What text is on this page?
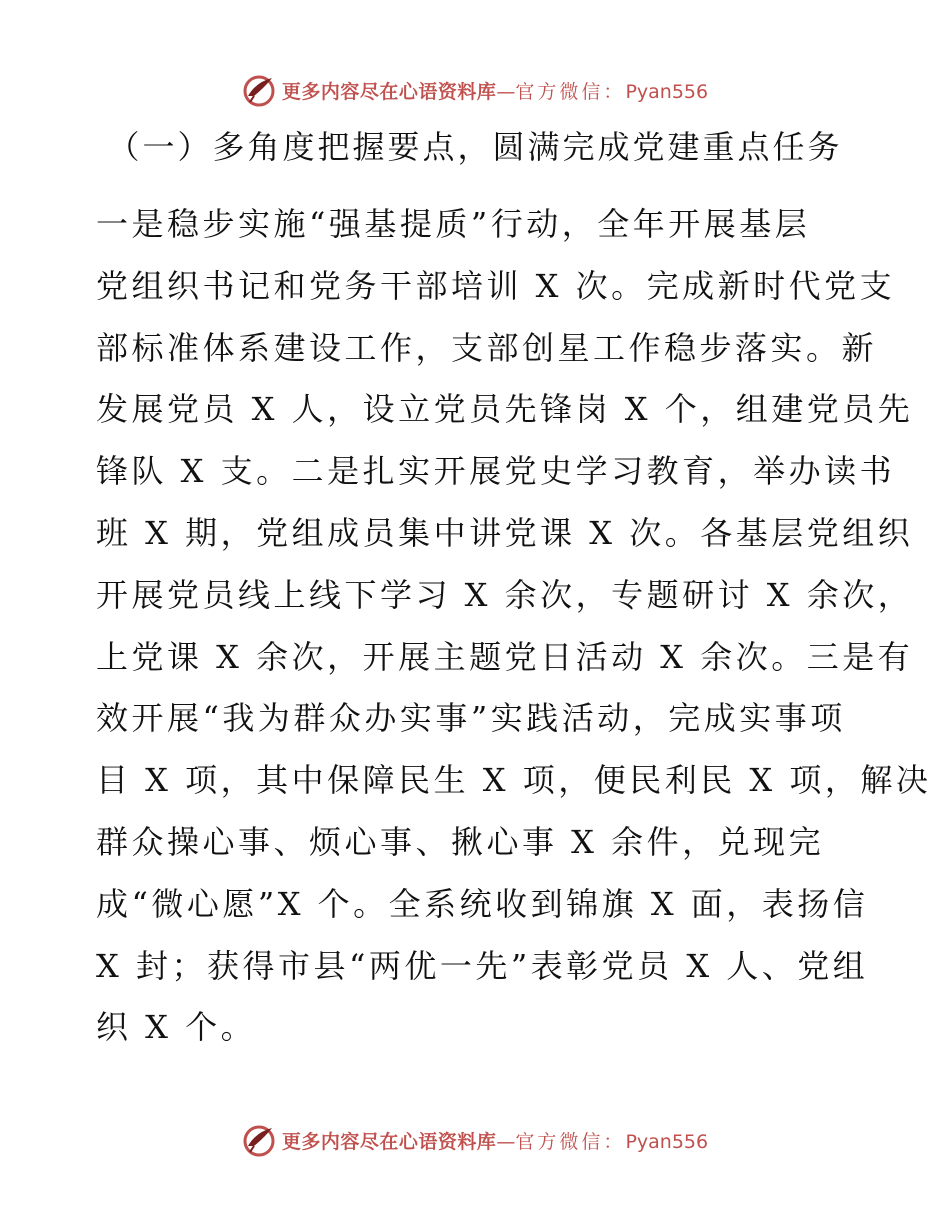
更多内容尽在心语资料库 — 官方微信： Pyan556
（一）多角度把握要点，圆满完成党建重点任务
一是稳步实施“强基提质”行动，全年开展基层
党组织书记和党务干部培训 X 次。完成新时代党支
部标准体系建设工作，支部创星工作稳步落实。新
发展党员 X 人，设立党员先锋岗 X 个，组建党员先
锋队 X 支。二是扎实开展党史学习教育，举办读书
班 X 期，党组成员集中讲党课 X 次。各基层党组织
开展党员线上线下学习 X 余次，专题研讨 X 余次，
上党课 X 余次，开展主题党日活动 X 余次。三是有
效开展“我为群众办实事”实践活动，完成实事项
目 X 项，其中保障民生 X 项，便民利民 X 项，解决
群众操心事、烦心事、揪心事 X 余件，兑现完
成“微心愿”X 个。全系统收到锦旗 X 面，表扬信
X 封；获得市县“两优一先”表彰党员 X 人、党组
织 X 个。
更多内容尽在心语资料库 — 官方微信： Pyan556
